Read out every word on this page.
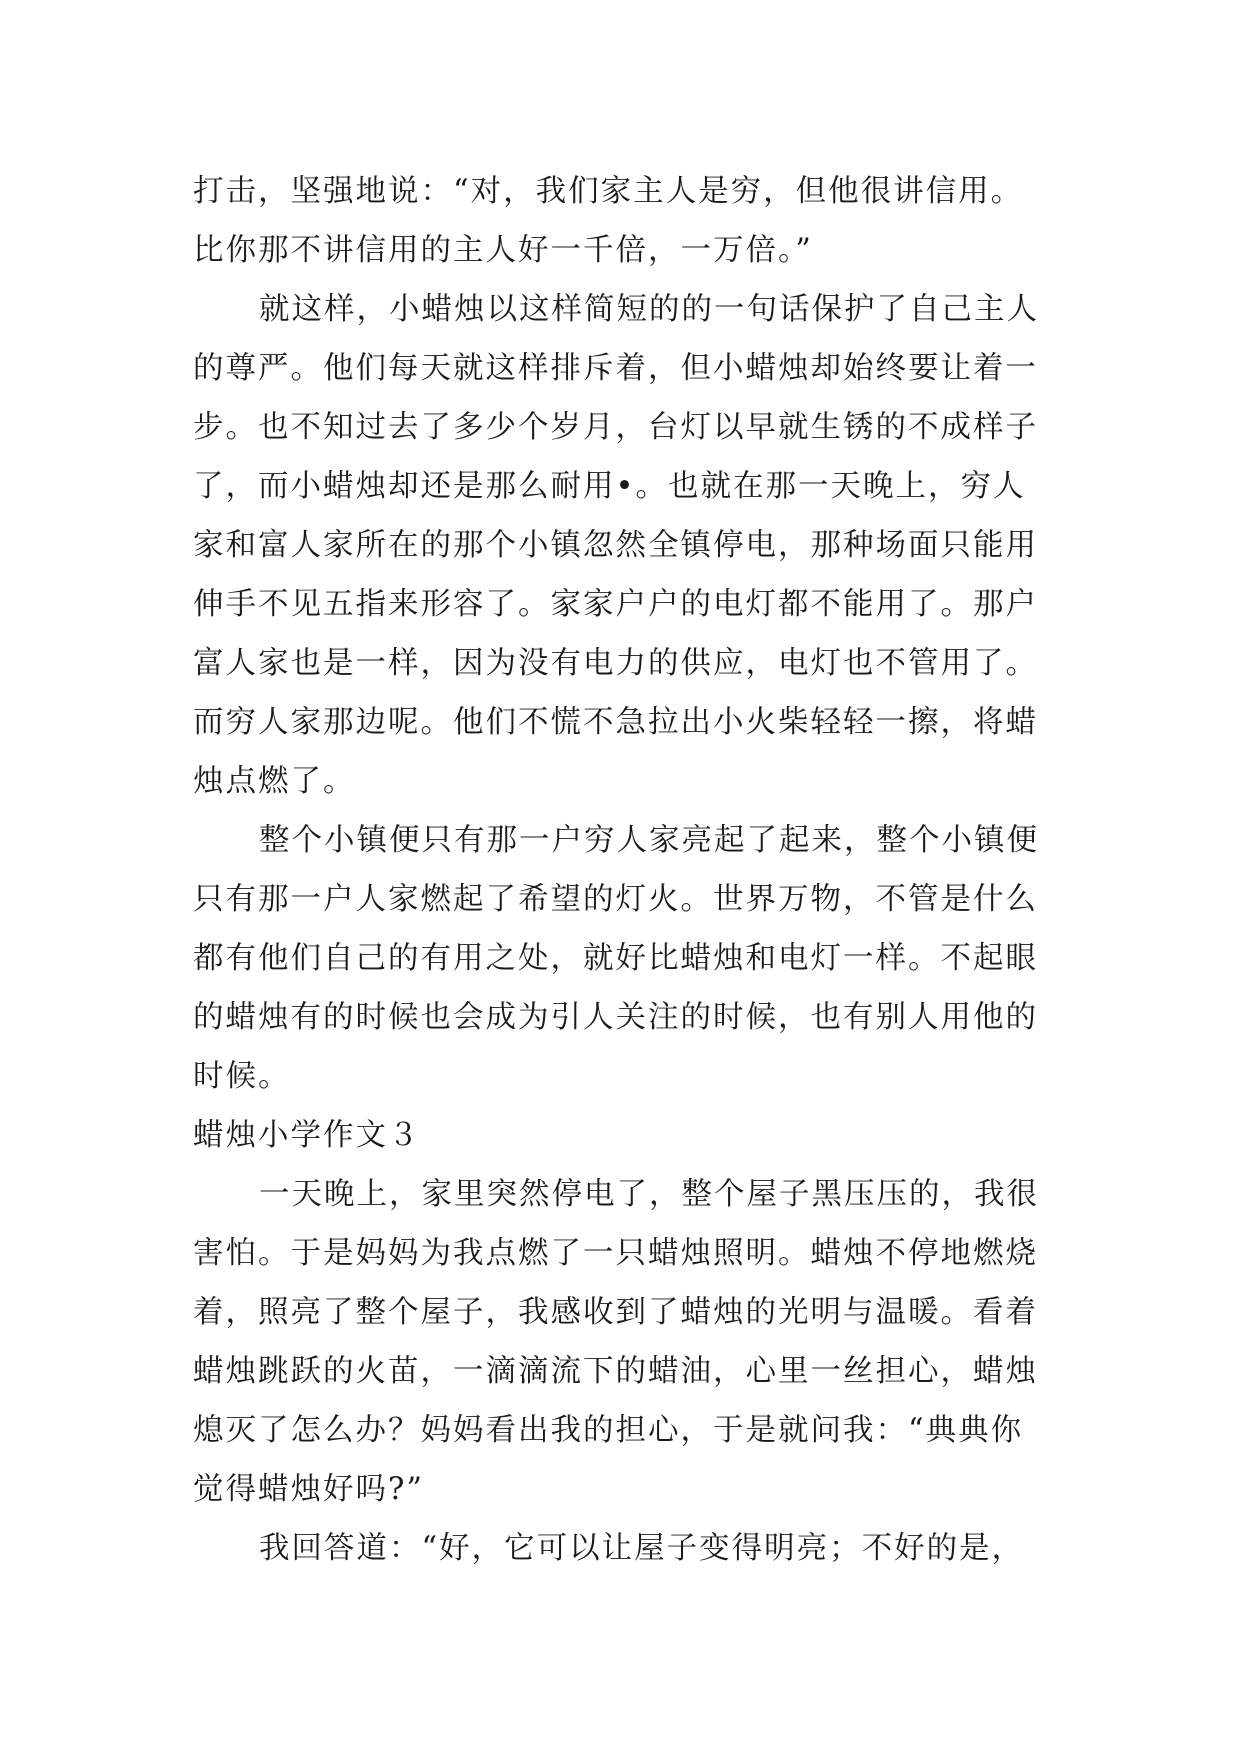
打击，坚强地说：“对，我们家主人是穷，但他很讲信用。
比你那不讲信用的主人好一千倍，一万倍。”
就这样，小蜡烛以这样简短的的一句话保护了自己主人
的尊严。他们每天就这样排斥着，但小蜡烛却始终要让着一
步。也不知过去了多少个岁月，台灯以早就生锈的不成样子
了，而小蜡烛却还是那么耐用•。也就在那一天晚上，穷人
家和富人家所在的那个小镇忽然全镇停电，那种场面只能用
伸手不见五指来形容了。家家户户的电灯都不能用了。那户
富人家也是一样，因为没有电力的供应，电灯也不管用了。
而穷人家那边呢。他们不慌不急拉出小火柴轻轻一擦，将蜡
烛点燃了。
整个小镇便只有那一户穷人家亮起了起来，整个小镇便
只有那一户人家燃起了希望的灯火。世界万物，不管是什么
都有他们自己的有用之处，就好比蜡烛和电灯一样。不起眼
的蜡烛有的时候也会成为引人关注的时候，也有别人用他的
时候。
蜡烛小学作文３
一天晚上，家里突然停电了，整个屋子黑压压的，我很
害怕。于是妈妈为我点燃了一只蜡烛照明。蜡烛不停地燃烧
着，照亮了整个屋子，我感收到了蜡烛的光明与温暖。看着
蜡烛跳跃的火苗，一滴滴流下的蜡油，心里一丝担心，蜡烛
熄灭了怎么办？妈妈看出我的担心，于是就问我：“典典你
觉得蜡烛好吗?”
我回答道：“好，它可以让屋子变得明亮；不好的是，
